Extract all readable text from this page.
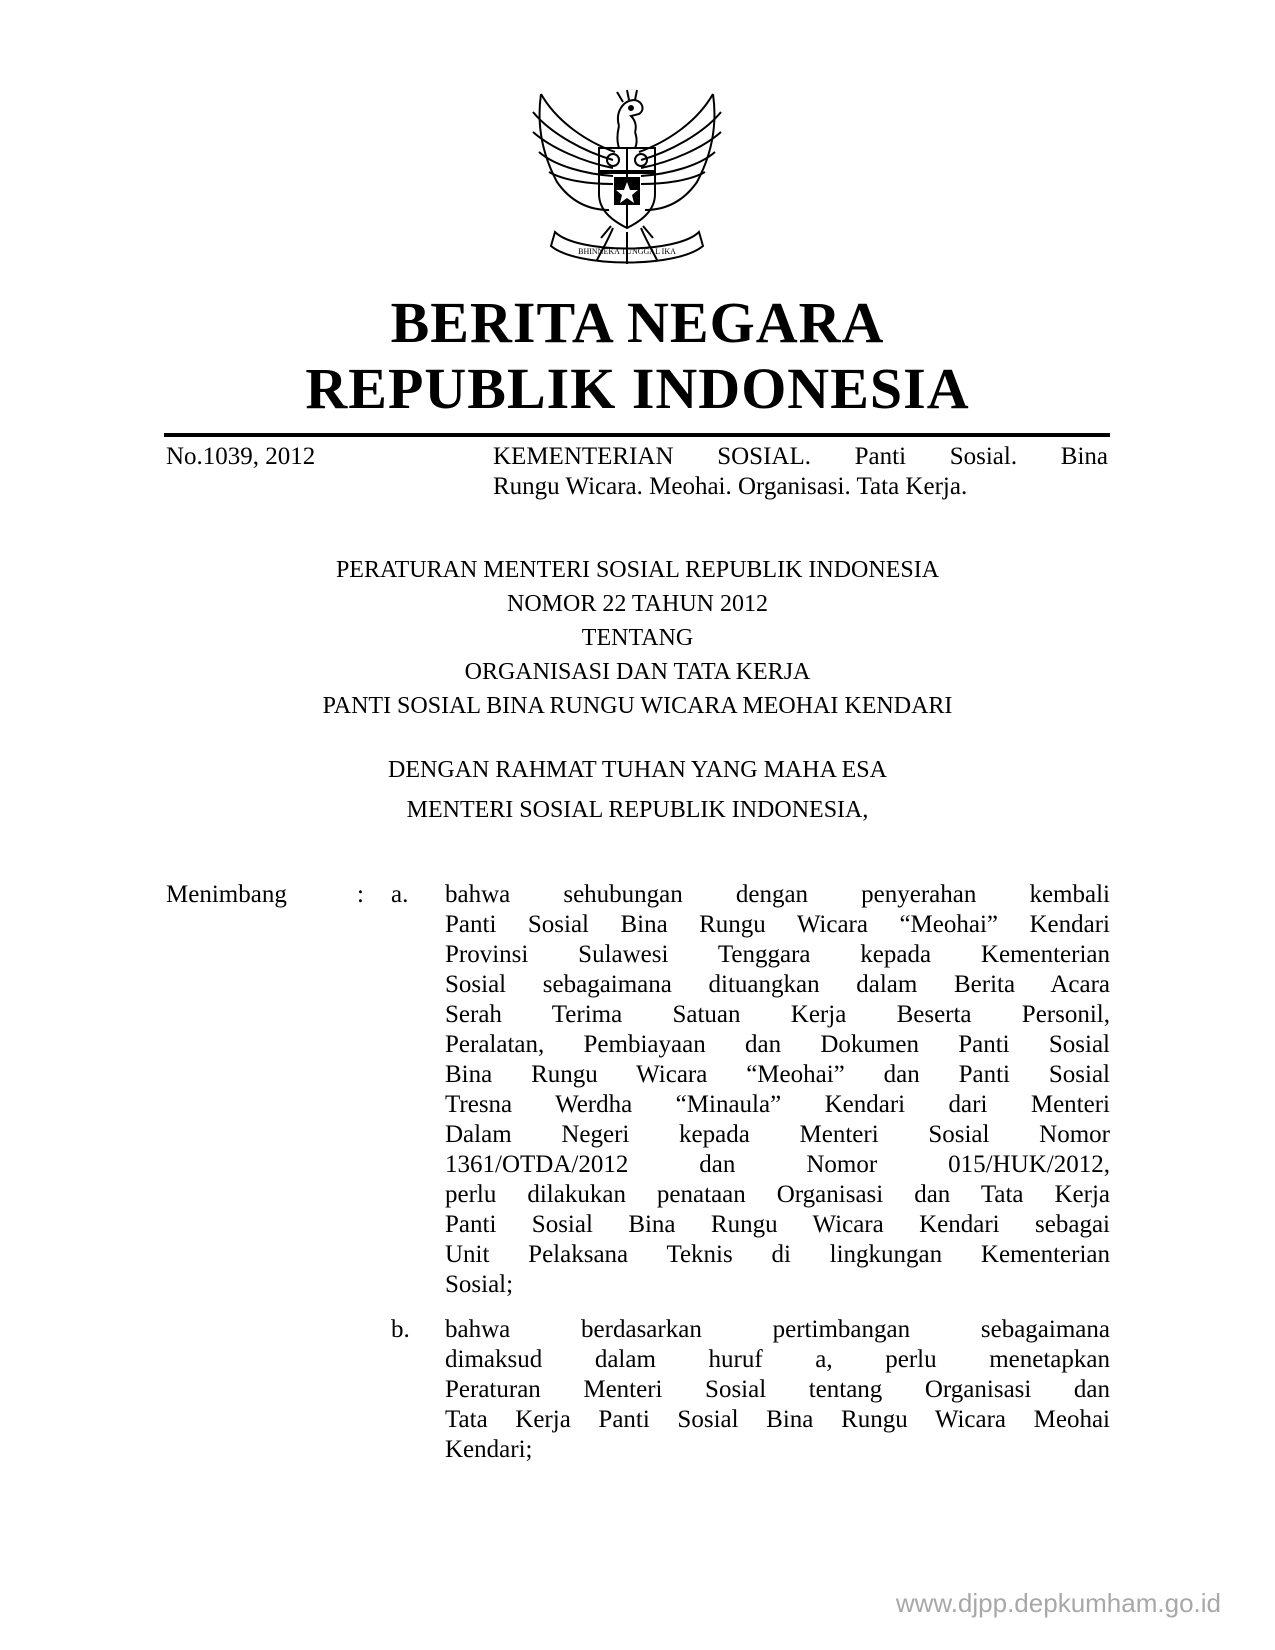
BHINNEKA TUNGGAL IKA
BERITA NEGARA
REPUBLIK INDONESIA
No.1039, 2012	KEMENTERIAN SOSIAL. Panti Sosial. Bina
Rungu Wicara. Meohai. Organisasi. Tata Kerja.
PERATURAN MENTERI SOSIAL REPUBLIK INDONESIA
NOMOR 22 TAHUN 2012
TENTANG
ORGANISASI DAN TATA KERJA
PANTI SOSIAL BINA RUNGU WICARA MEOHAI KENDARI
DENGAN RAHMAT TUHAN YANG MAHA ESA
MENTERI SOSIAL REPUBLIK INDONESIA,
Menimbang	: a. bahwa sehubungan dengan penyerahan kembali
Panti Sosial Bina Rungu Wicara “Meohai” Kendari
Provinsi Sulawesi Tenggara kepada Kementerian
Sosial sebagaimana dituangkan dalam Berita Acara
Serah Terima Satuan Kerja Beserta Personil,
Peralatan, Pembiayaan dan Dokumen Panti Sosial
Bina Rungu Wicara “Meohai” dan Panti Sosial
Tresna Werdha “Minaula” Kendari dari Menteri
Dalam Negeri kepada Menteri Sosial Nomor
1361/OTDA/2012 dan Nomor 015/HUK/2012,
perlu dilakukan penataan Organisasi dan Tata Kerja
Panti Sosial Bina Rungu Wicara Kendari sebagai
Unit Pelaksana Teknis di lingkungan Kementerian
Sosial;
b. bahwa berdasarkan pertimbangan sebagaimana
dimaksud dalam huruf a, perlu menetapkan
Peraturan Menteri Sosial tentang Organisasi dan
Tata Kerja Panti Sosial Bina Rungu Wicara Meohai
Kendari;
www.djpp.depkumham.go.id
